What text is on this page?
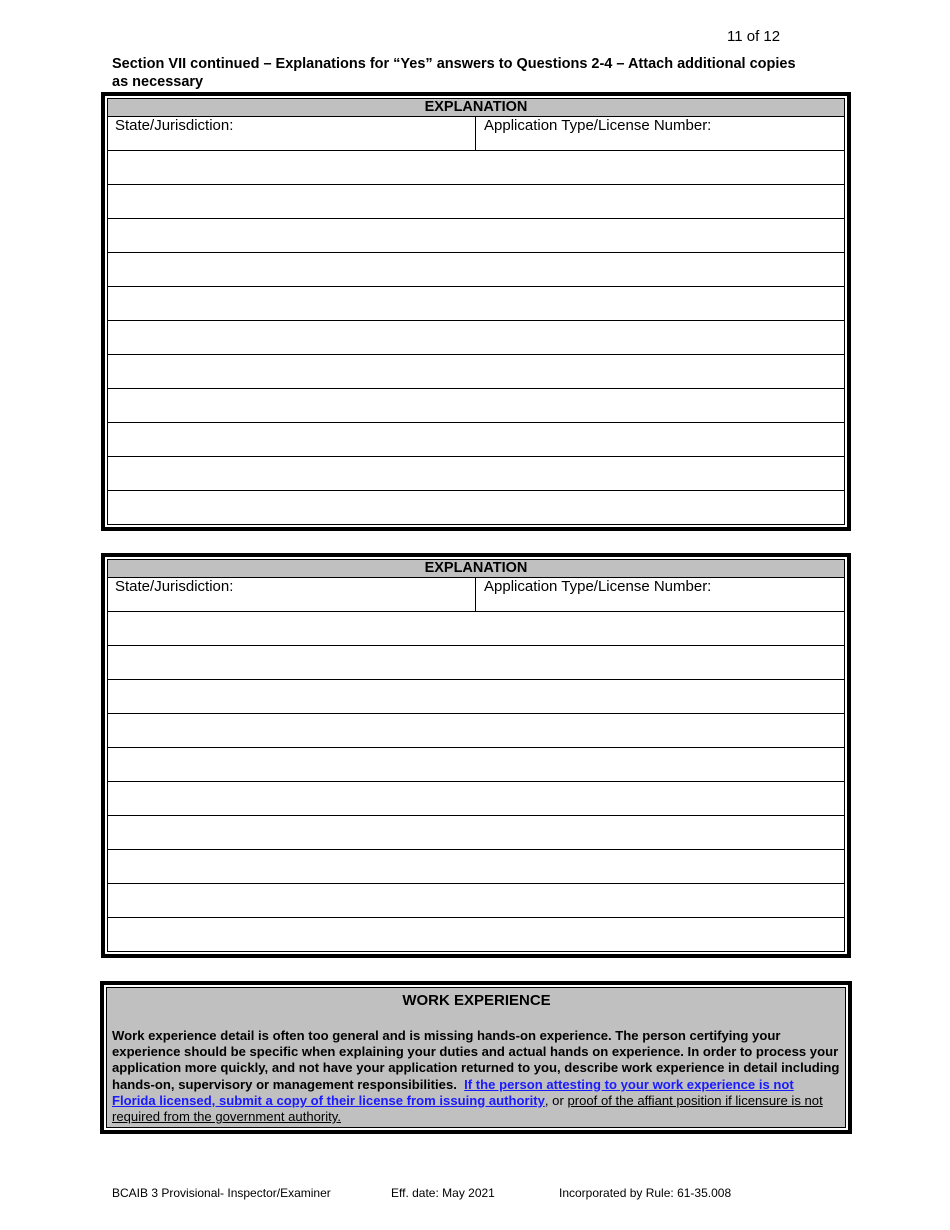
11 of 12
Section VII continued – Explanations for “Yes” answers to Questions 2-4 – Attach additional copies as necessary
EXPLANATION
State/Jurisdiction:	Application Type/License Number:
EXPLANATION
State/Jurisdiction:	Application Type/License Number:
WORK EXPERIENCE
Work experience detail is often too general and is missing hands-on experience. The person certifying your experience should be specific when explaining your duties and actual hands on experience. In order to process your application more quickly, and not have your application returned to you, describe work experience in detail including hands-on, supervisory or management responsibilities. If the person attesting to your work experience is not Florida licensed, submit a copy of their license from issuing authority, or proof of the affiant position if licensure is not required from the government authority.
BCAIB 3 Provisional- Inspector/Examiner	Eff. date: May 2021	Incorporated by Rule: 61-35.008
